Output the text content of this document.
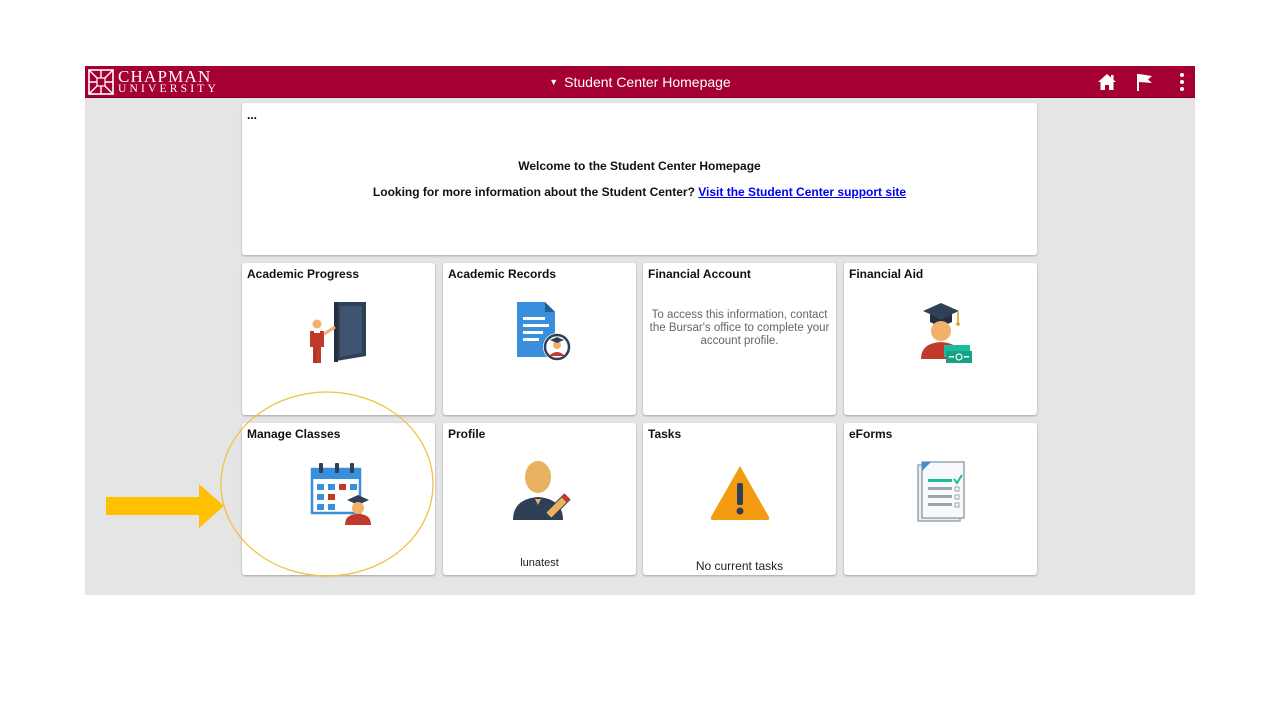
CHAPMAN
UNIVERSITY
▼ Student Center Homepage
...
Welcome to the Student Center Homepage
Looking for more information about the Student Center? Visit the Student Center support site
Academic Progress	Academic Records	Financial Account
To access this information, contact the Bursar's office to complete your account profile.
Financial Aid
Manage Classes	Profile
lunatest
Tasks
No current tasks
eForms
